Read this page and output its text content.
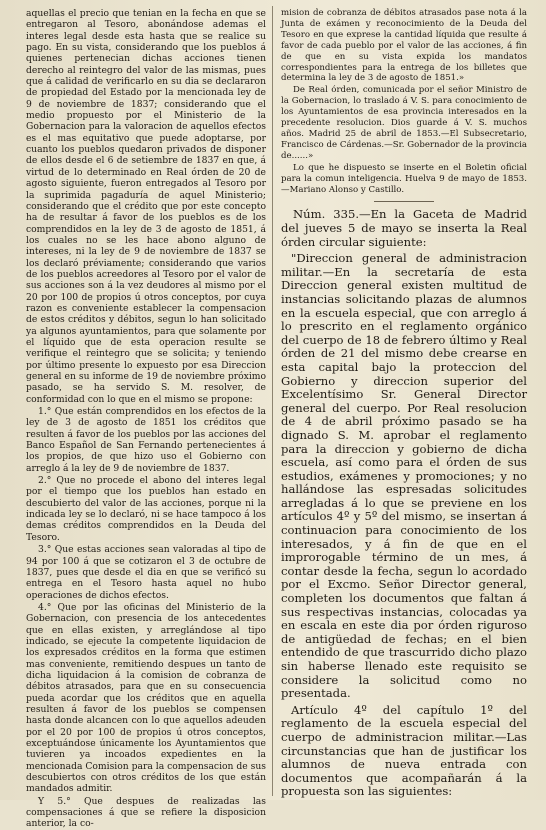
aquellas el precio que tenian en la fecha en que se entregaron al Tesoro, abonándose ademas el interes legal desde esta hasta que se realice su pago. En su vista, considerando que los pueblos á quienes pertenecian dichas acciones tienen derecho al reintegro del valor de las mismas, pues que á calidad de verificarlo en su dia se declararon de propiedad del Estado por la mencionada ley de 9 de noviembre de 1837; considerando que el medio propuesto por el Ministerio de la Gobernacion para la valoracion de aquellos efectos es el mas equitativo que puede adoptarse, por cuanto los pueblos quedaron privados de disponer de ellos desde el 6 de setiembre de 1837 en que, á virtud de lo determinado en Real órden de 20 de agosto siguiente, fueron entregados al Tesoro por la suprimida pagaduría de aquel Ministerio; considerando que el crédito que por este concepto ha de resultar á favor de los pueblos es de los comprendidos en la ley de 3 de agosto de 1851, á los cuales no se les hace abono alguno de intereses, ni la ley de 9 de noviembre de 1837 se los declaró préviamente; considerando que varios de los pueblos acreedores al Tesoro por el valor de sus acciones son á la vez deudores al mismo por el 20 por 100 de propios ú otros conceptos, por cuya razon es conveniente establecer la compensacion de estos créditos y débitos, segun lo han solicitado ya algunos ayuntamientos, para que solamente por el líquido que de esta operacion resulte se verifique el reintegro que se solicita; y teniendo por último presente lo expuesto por esa Direccion general en su informe de 19 de noviembre próximo pasado, se ha servido S. M. resolver, de conformidad con lo que en el mismo se propone:

1.° Que están comprendidos en los efectos de la ley de 3 de agosto de 1851 los créditos que resulten á favor de los pueblos por las acciones del Banco Español de San Fernando pertenecientes á los propios, de que hizo uso el Gobierno con arreglo á la ley de 9 de noviembre de 1837.

2.° Que no procede el abono del interes legal por el tiempo que los pueblos han estado en descubierto del valor de las acciones, porque ni la indicada ley se lo declaró, ni se hace tampoco á los demas créditos comprendidos en la Deuda del Tesoro.

3.° Que estas acciones sean valoradas al tipo de 94 por 100 á que se cotizaron el 3 de octubre de 1837, pues que desde el dia en que se verificó su entrega en el Tesoro hasta aquel no hubo operaciones de dichos efectos.

4.° Que por las oficinas del Ministerio de la Gobernacion, con presencia de los antecedentes que en ellas existen, y arreglándose al tipo indicado, se ejecute la competente liquidacion de los expresados créditos en la forma que estimen mas conveniente, remitiendo despues un tanto de dicha liquidacion á la comision de cobranza de débitos atrasados, para que en su consecuencia pueda acordar que los créditos que en aquella resulten á favor de los pueblos se compensen hasta donde alcancen con lo que aquellos adeuden por el 20 por 100 de propios ú otros conceptos, exceptuándose únicamente los Ayuntamientos que tuvieren ya incoados expedientes en la mencionada Comision para la compensacion de sus descubiertos con otros créditos de los que están mandados admitir.

Y 5.° Que despues de realizadas las compensaciones á que se refiere la disposicion anterior, la co-

mision de cobranza de débitos atrasados pase nota á la Junta de exámen y reconocimiento de la Deuda del Tesoro en que exprese la cantidad líquida que resulte á favor de cada pueblo por el valor de las acciones, á fin de que en su vista expida los mandatos correspondientes para la entrega de los billetes que determina la ley de 3 de agosto de 1851.»

De Real órden, comunicada por el señor Ministro de la Gobernacion, lo traslado á V. S. para conocimiento de los Ayuntamientos de esa provincia interesados en la precedente resolucion. Dios guarde á V. S. muchos años. Madrid 25 de abril de 1853.—El Subsecretario, Francisco de Cárdenas.—Sr. Gobernador de la provincia de......»

Lo que he dispuesto se inserte en el Boletin oficial para la comun inteligencia. Huelva 9 de mayo de 1853.—Mariano Alonso y Castillo.

Núm. 335.—En la Gaceta de Madrid del jueves 5 de mayo se inserta la Real órden circular siguiente:

"Direccion general de administracion militar.—En la secretaría de esta Direccion general existen multitud de instancias solicitando plazas de alumnos en la escuela especial, que con arreglo á lo prescrito en el reglamento orgánico del cuerpo de 18 de febrero último y Real órden de 21 del mismo debe crearse en esta capital bajo la proteccion del Gobierno y direccion superior del Excelentísimo Sr. General Director general del cuerpo. Por Real resolucion de 4 de abril próximo pasado se ha dignado S. M. aprobar el reglamento para la direccion y gobierno de dicha escuela, así como para el órden de sus estudios, exámenes y promociones; y no hallándose las espresadas solicitudes arregladas á lo que se previene en los artículos 4º y 5º del mismo, se insertan á continuacion para conocimiento de los interesados, y á fin de que en el improrogable término de un mes, á contar desde la fecha, segun lo acordado por el Excmo. Señor Director general, completen los documentos que faltan á sus respectivas instancias, colocadas ya en escala en este dia por órden riguroso de antigüedad de fechas; en el bien entendido de que trascurrido dicho plazo sin haberse llenado este requisito se considere la solicitud como no presentada.

Artículo 4º del capítulo 1º del reglamento de la escuela especial del cuerpo de administracion militar.—Las circunstancias que han de justificar los alumnos de nueva entrada con documentos que acompañarán á la propuesta son las siguientes:
